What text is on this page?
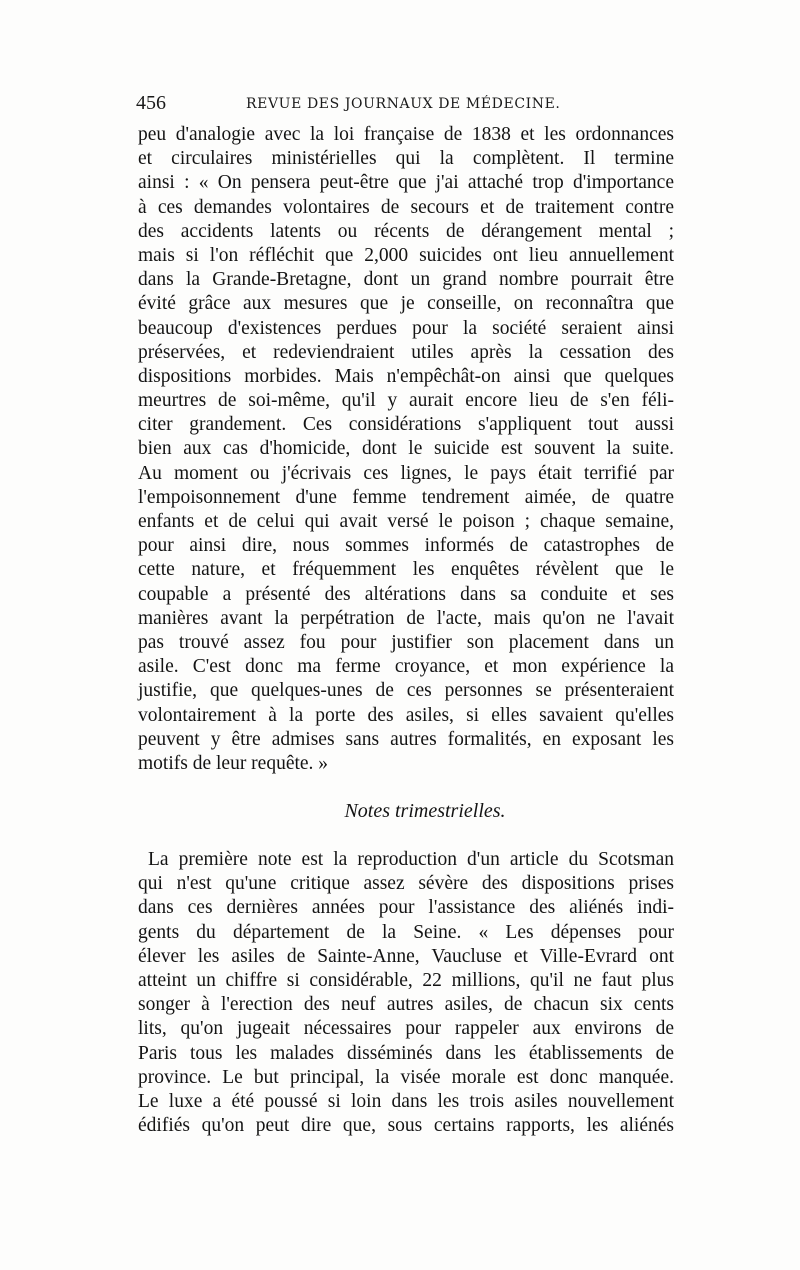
456	REVUE DES JOURNAUX DE MÉDECINE.
peu d'analogie avec la loi française de 1838 et les ordonnances
et circulaires ministérielles qui la complètent. Il termine
ainsi : « On pensera peut-être que j'ai attaché trop d'importance
à ces demandes volontaires de secours et de traitement contre
des accidents latents ou récents de dérangement mental ;
mais si l'on réfléchit que 2,000 suicides ont lieu annuellement
dans la Grande-Bretagne, dont un grand nombre pourrait être
évité grâce aux mesures que je conseille, on reconnaîtra que
beaucoup d'existences perdues pour la société seraient ainsi
préservées, et redeviendraient utiles après la cessation des
dispositions morbides. Mais n'empêchât-on ainsi que quelques
meurtres de soi-même, qu'il y aurait encore lieu de s'en féli-
citer grandement. Ces considérations s'appliquent tout aussi
bien aux cas d'homicide, dont le suicide est souvent la suite.
Au moment ou j'écrivais ces lignes, le pays était terrifié par
l'empoisonnement d'une femme tendrement aimée, de quatre
enfants et de celui qui avait versé le poison ; chaque semaine,
pour ainsi dire, nous sommes informés de catastrophes de
cette nature, et fréquemment les enquêtes révèlent que le
coupable a présenté des altérations dans sa conduite et ses
manières avant la perpétration de l'acte, mais qu'on ne l'avait
pas trouvé assez fou pour justifier son placement dans un
asile. C'est donc ma ferme croyance, et mon expérience la
justifie, que quelques-unes de ces personnes se présenteraient
volontairement à la porte des asiles, si elles savaient qu'elles
peuvent y être admises sans autres formalités, en exposant les
motifs de leur requête. »
Notes trimestrielles.
La première note est la reproduction d'un article du Scotsman
qui n'est qu'une critique assez sévère des dispositions prises
dans ces dernières années pour l'assistance des aliénés indi-
gents du département de la Seine. « Les dépenses pour
élever les asiles de Sainte-Anne, Vaucluse et Ville-Evrard ont
atteint un chiffre si considérable, 22 millions, qu'il ne faut plus
songer à l'erection des neuf autres asiles, de chacun six cents
lits, qu'on jugeait nécessaires pour rappeler aux environs de
Paris tous les malades disséminés dans les établissements de
province. Le but principal, la visée morale est donc manquée.
Le luxe a été poussé si loin dans les trois asiles nouvellement
édifiés qu'on peut dire que, sous certains rapports, les aliénés
